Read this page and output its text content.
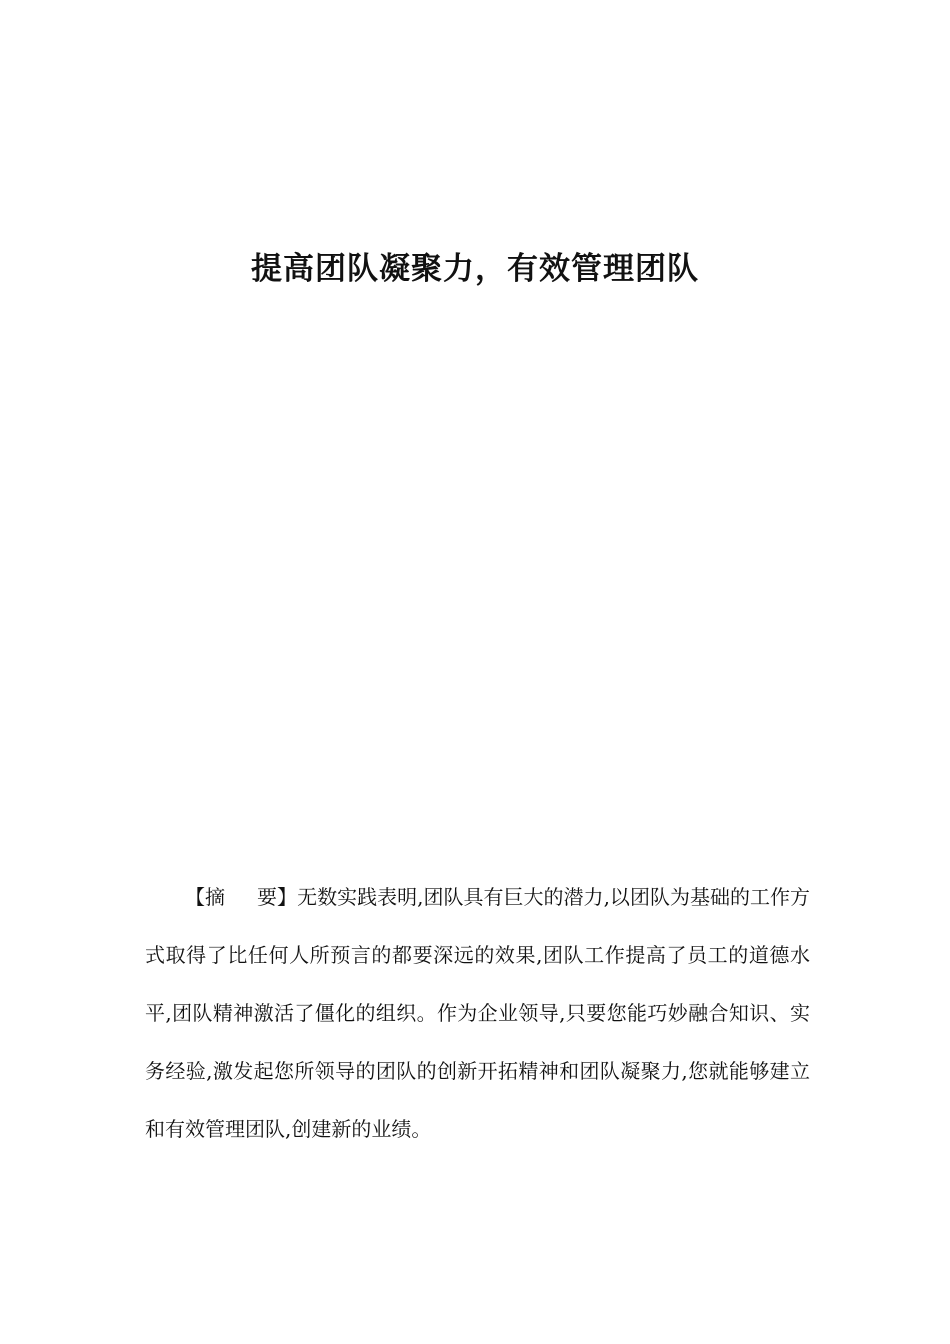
提高团队凝聚力，有效管理团队

【摘 要】无数实践表明,团队具有巨大的潜力,以团队为基础的工作方式取得了比任何人所预言的都要深远的效果,团队工作提高了员工的道德水平,团队精神激活了僵化的组织。作为企业领导,只要您能巧妙融合知识、实务经验,激发起您所领导的团队的创新开拓精神和团队凝聚力,您就能够建立和有效管理团队,创建新的业绩。
